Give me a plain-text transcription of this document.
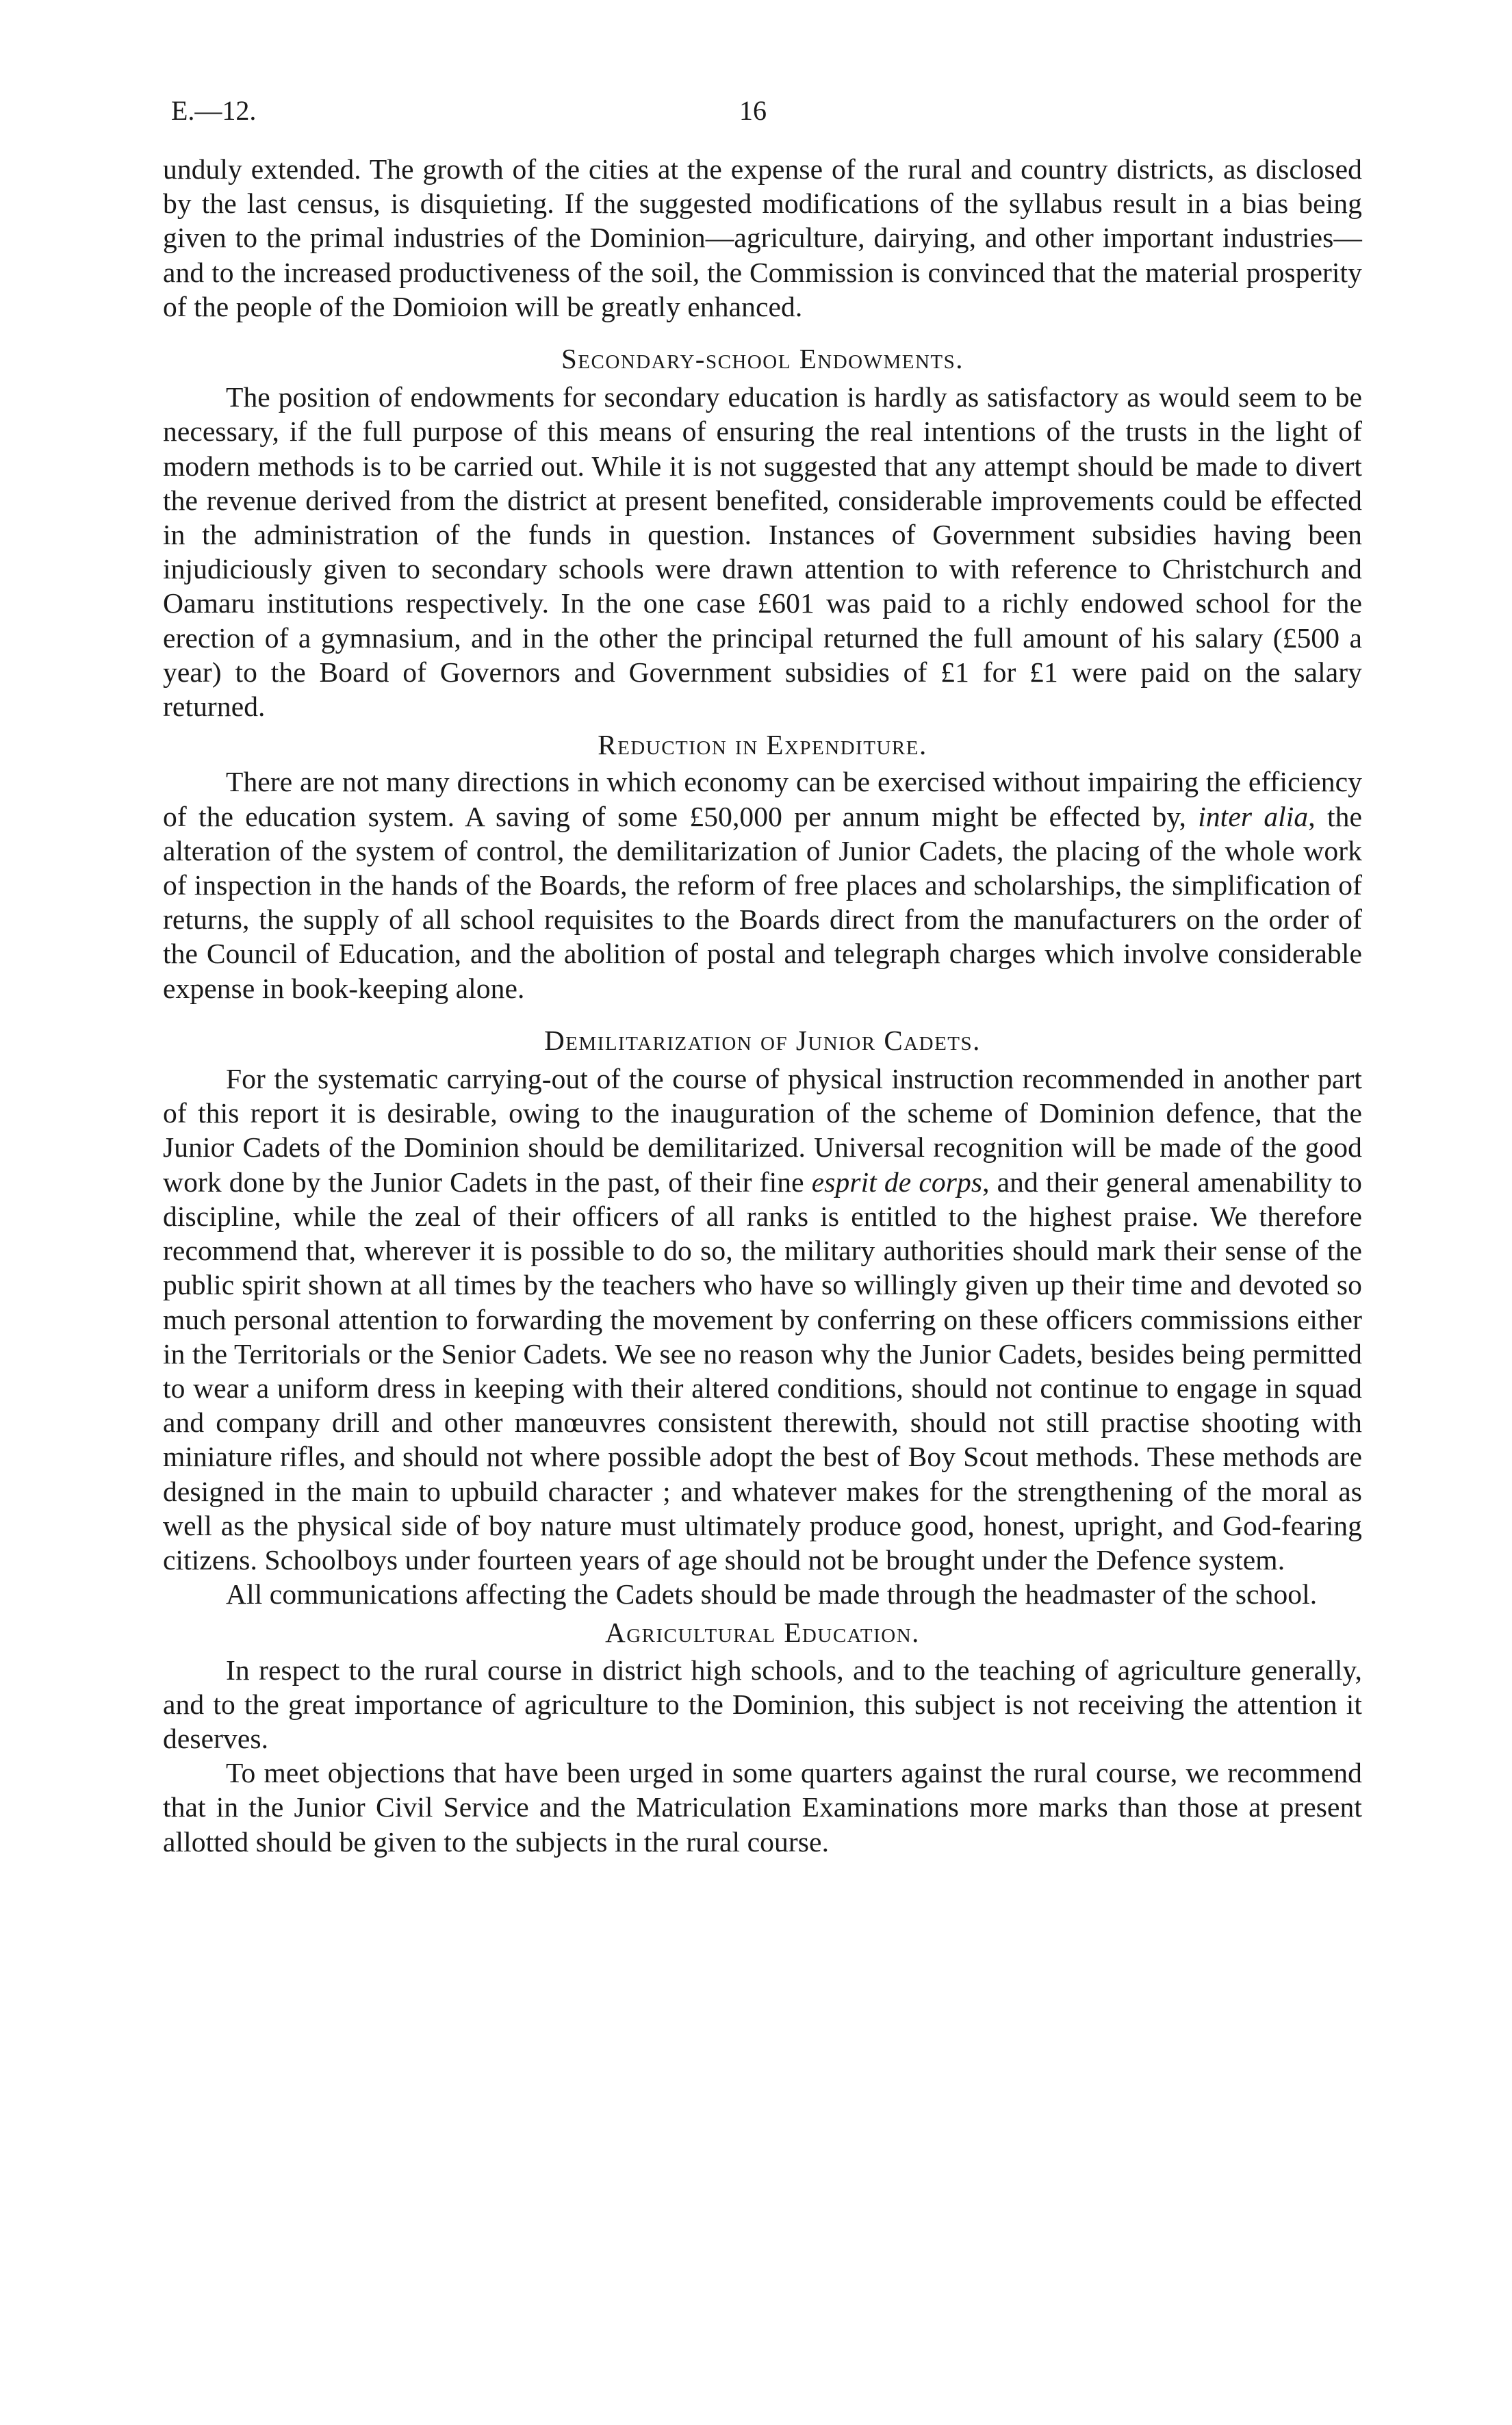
E.—12.	16

unduly extended. The growth of the cities at the expense of the rural and country districts, as disclosed by the last census, is disquieting. If the suggested modifications of the syllabus result in a bias being given to the primal industries of the Dominion—agriculture, dairying, and other important industries—and to the increased productiveness of the soil, the Commission is convinced that the material prosperity of the people of the Domioion will be greatly enhanced.

Secondary-school Endowments.

The position of endowments for secondary education is hardly as satisfactory as would seem to be necessary, if the full purpose of this means of ensuring the real intentions of the trusts in the light of modern methods is to be carried out. While it is not suggested that any attempt should be made to divert the revenue derived from the district at present benefited, considerable improvements could be effected in the administration of the funds in question. Instances of Government subsidies having been injudiciously given to secondary schools were drawn attention to with reference to Christchurch and Oamaru institutions respectively. In the one case £601 was paid to a richly endowed school for the erection of a gymnasium, and in the other the principal returned the full amount of his salary (£500 a year) to the Board of Governors and Government subsidies of £1 for £1 were paid on the salary returned.

Reduction in Expenditure.

There are not many directions in which economy can be exercised without impairing the efficiency of the education system. A saving of some £50,000 per annum might be effected by, inter alia, the alteration of the system of control, the demilitarization of Junior Cadets, the placing of the whole work of inspection in the hands of the Boards, the reform of free places and scholarships, the simplification of returns, the supply of all school requisites to the Boards direct from the manufacturers on the order of the Council of Education, and the abolition of postal and telegraph charges which involve considerable expense in book-keeping alone.

Demilitarization of Junior Cadets.

For the systematic carrying-out of the course of physical instruction recommended in another part of this report it is desirable, owing to the inauguration of the scheme of Dominion defence, that the Junior Cadets of the Dominion should be demilitarized. Universal recognition will be made of the good work done by the Junior Cadets in the past, of their fine esprit de corps, and their general amenability to discipline, while the zeal of their officers of all ranks is entitled to the highest praise. We therefore recommend that, wherever it is possible to do so, the military authorities should mark their sense of the public spirit shown at all times by the teachers who have so willingly given up their time and devoted so much personal attention to forwarding the movement by conferring on these officers commissions either in the Territorials or the Senior Cadets. We see no reason why the Junior Cadets, besides being permitted to wear a uniform dress in keeping with their altered conditions, should not continue to engage in squad and company drill and other manœuvres consistent therewith, should not still practise shooting with miniature rifles, and should not where possible adopt the best of Boy Scout methods. These methods are designed in the main to upbuild character ; and whatever makes for the strengthening of the moral as well as the physical side of boy nature must ultimately produce good, honest, upright, and God-fearing citizens. Schoolboys under fourteen years of age should not be brought under the Defence system.

All communications affecting the Cadets should be made through the headmaster of the school.

Agricultural Education.

In respect to the rural course in district high schools, and to the teaching of agriculture generally, and to the great importance of agriculture to the Dominion, this subject is not receiving the attention it deserves.

To meet objections that have been urged in some quarters against the rural course, we recommend that in the Junior Civil Service and the Matriculation Examinations more marks than those at present allotted should be given to the subjects in the rural course.
